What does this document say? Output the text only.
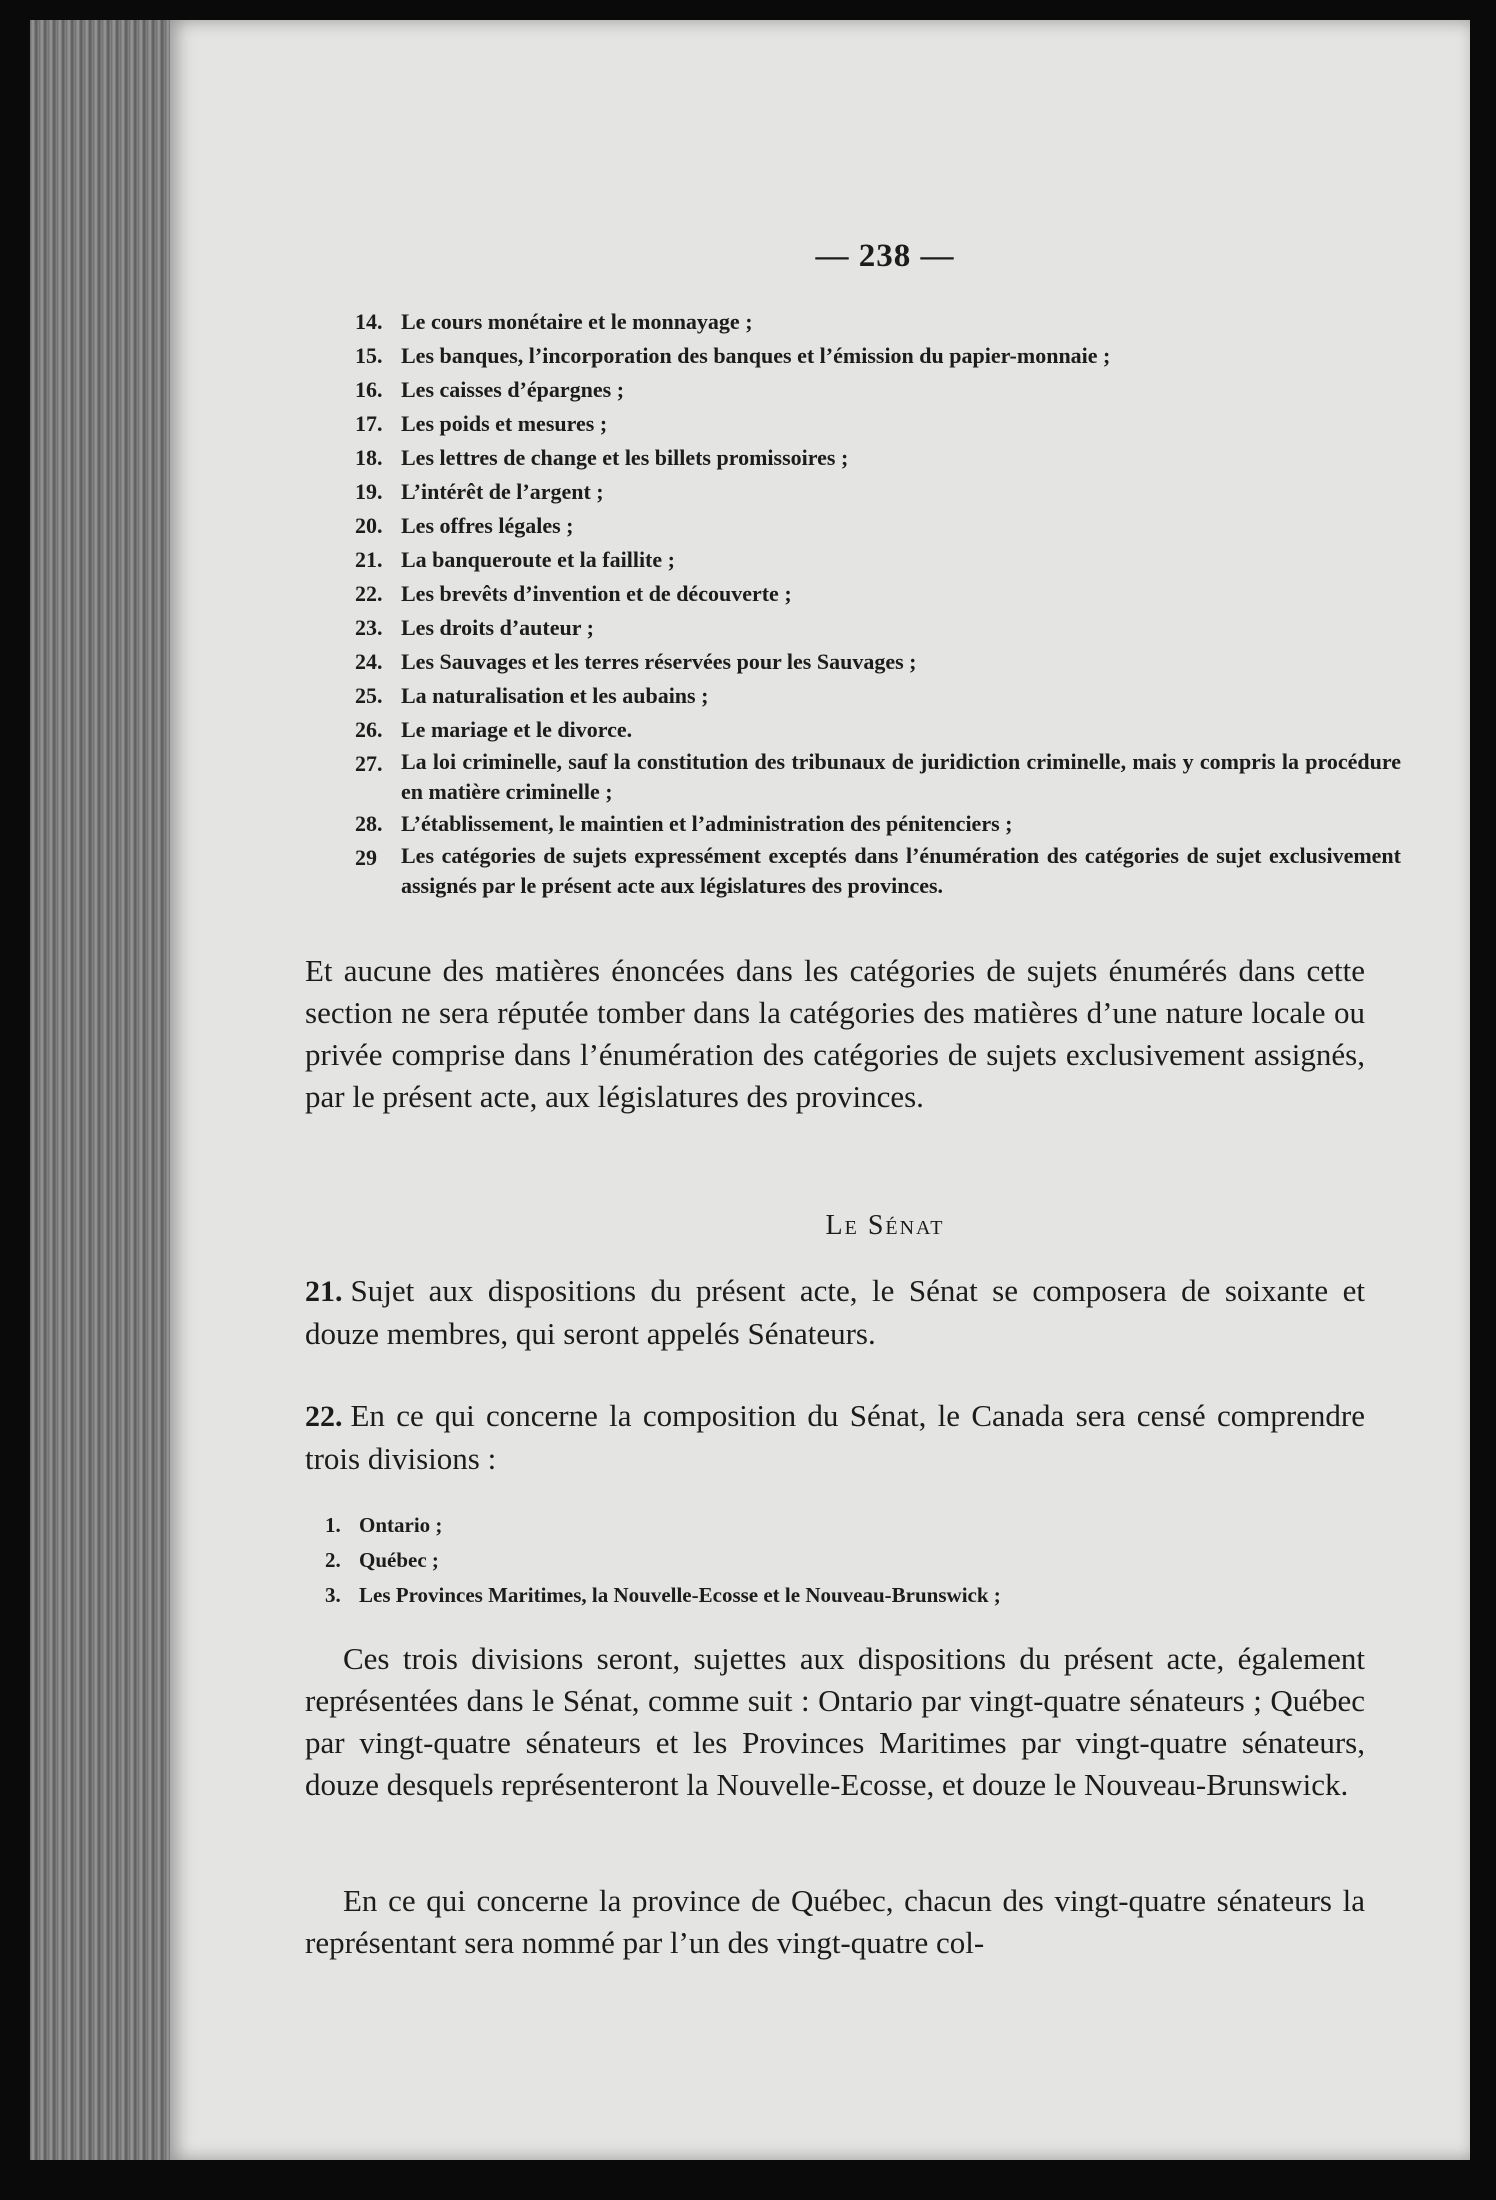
— 238 —
14. Le cours monétaire et le monnayage ;
15. Les banques, l’incorporation des banques et l’émission du papier-monnaie ;
16. Les caisses d’épargnes ;
17. Les poids et mesures ;
18. Les lettres de change et les billets promissoires ;
19. L’intérêt de l’argent ;
20. Les offres légales ;
21. La banqueroute et la faillite ;
22. Les brevêts d’invention et de découverte ;
23. Les droits d’auteur ;
24. Les Sauvages et les terres réservées pour les Sauvages ;
25. La naturalisation et les aubains ;
26. Le mariage et le divorce.
27. La loi criminelle, sauf la constitution des tribunaux de juridiction criminelle, mais y compris la procédure en matière criminelle ;
28. L’établissement, le maintien et l’administration des pénitenciers ;
29	Les catégories de sujets expressément exceptés dans l’énumération des catégories de sujet exclusivement assignés par le présent acte aux législatures des provinces.
Et aucune des matières énoncées dans les catégories de sujets énumérés dans cette section ne sera réputée tomber dans la catégories des matières d’une nature locale ou privée comprise dans l’énumération des catégories de sujets exclusivement assignés, par le présent acte, aux législatures des provinces.
Le Sénat
21. Sujet aux dispositions du présent acte, le Sénat se composera de soixante et douze membres, qui seront appelés Sénateurs.
22. En ce qui concerne la composition du Sénat, le Canada sera censé comprendre trois divisions :
1. Ontario ;
2. Québec ;
3. Les Provinces Maritimes, la Nouvelle-Ecosse et le Nouveau-Brunswick ;
Ces trois divisions seront, sujettes aux dispositions du présent acte, également représentées dans le Sénat, comme suit : Ontario par vingt-quatre sénateurs ; Québec par vingt-quatre sénateurs et les Provinces Maritimes par vingt-quatre sénateurs, douze desquels représenteront la Nouvelle-Ecosse, et douze le Nouveau-Brunswick.
En ce qui concerne la province de Québec, chacun des vingt-quatre sénateurs la représentant sera nommé par l’un des vingt-quatre col-
